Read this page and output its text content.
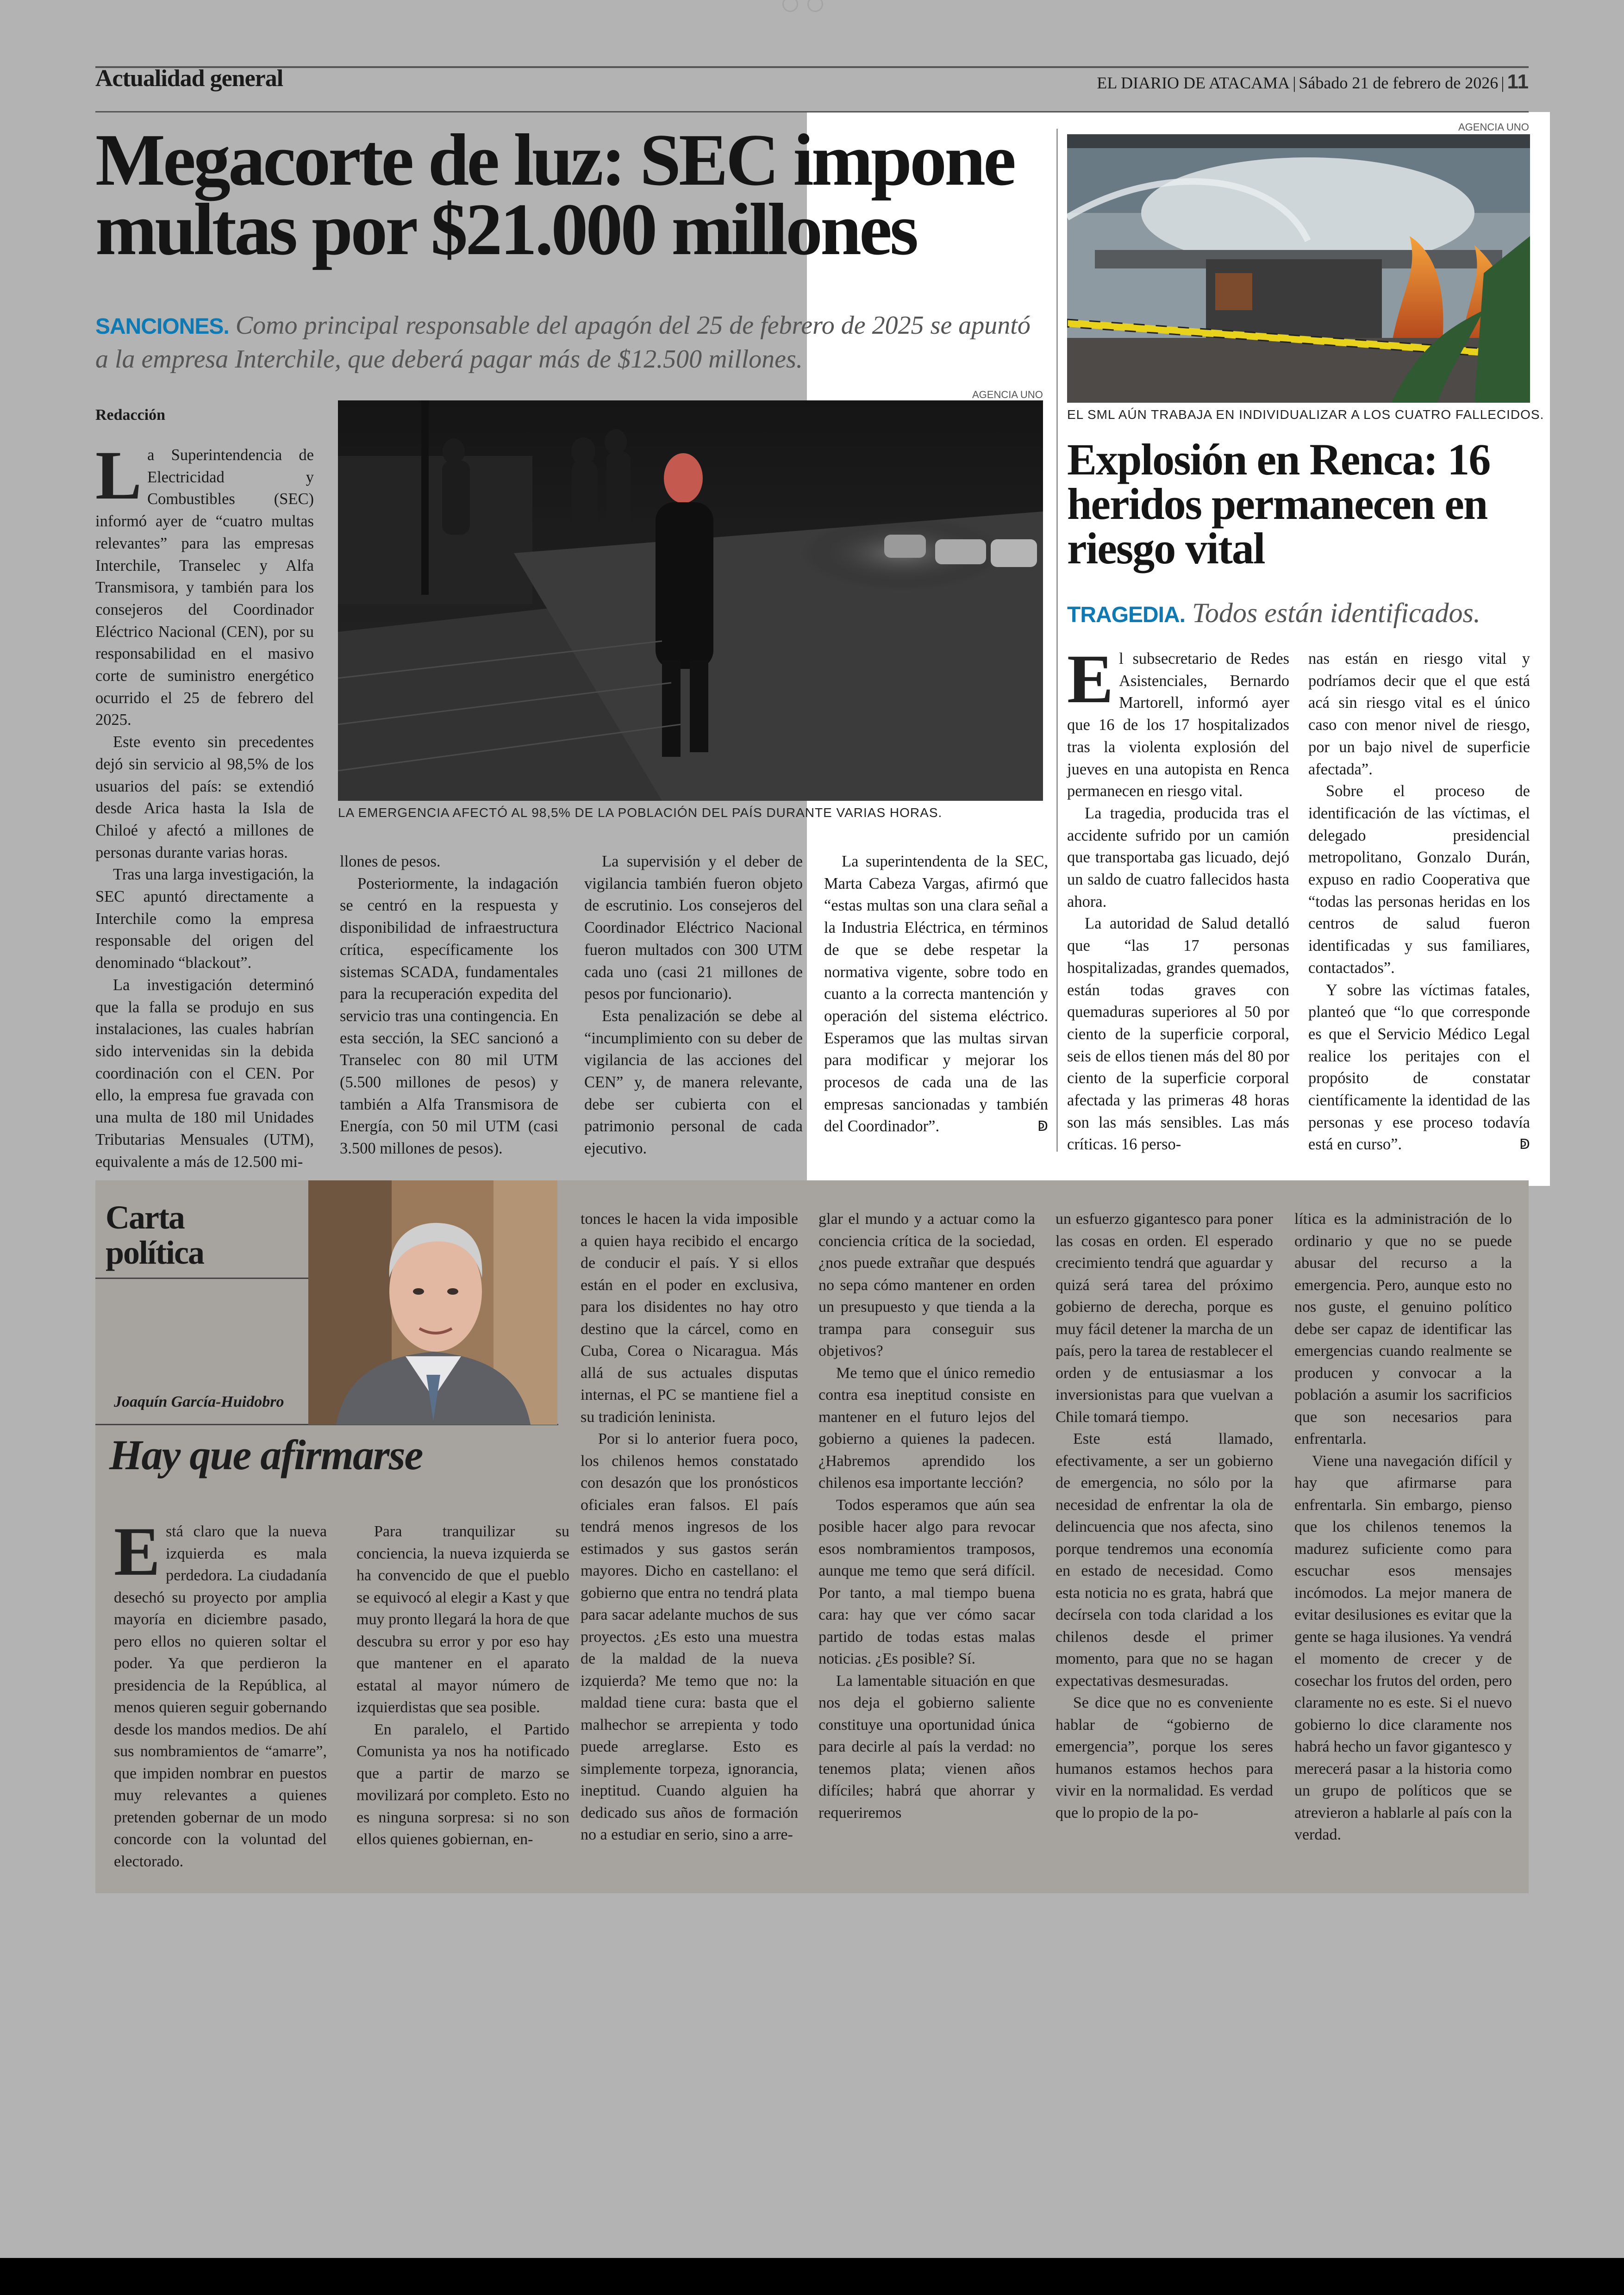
Actualidad general	EL DIARIO DE ATACAMA | Sábado 21 de febrero de 2026 | 11
Megacorte de luz: SEC impone multas por $21.000 millones
SANCIONES. Como principal responsable del apagón del 25 de febrero de 2025 se apuntó a la empresa Interchile, que deberá pagar más de $12.500 millones.
Redacción

La Superintendencia de Electricidad y Combustibles (SEC) informó ayer de “cuatro multas relevantes” para las empresas Interchile, Transelec y Alfa Transmisora, y también para los consejeros del Coordinador Eléctrico Nacional (CEN), por su responsabilidad en el masivo corte de suministro energético ocurrido el 25 de febrero del 2025.

Este evento sin precedentes dejó sin servicio al 98,5% de los usuarios del país: se extendió desde Arica hasta la Isla de Chiloé y afectó a millones de personas durante varias horas.

Tras una larga investigación, la SEC apuntó directamente a Interchile como la empresa responsable del origen del denominado “blackout”.

La investigación determinó que la falla se produjo en sus instalaciones, las cuales habrían sido intervenidas sin la debida coordinación con el CEN. Por ello, la empresa fue gravada con una multa de 180 mil Unidades Tributarias Mensuales (UTM), equivalente a más de 12.500 mi-

AGENCIA UNO
LA EMERGENCIA AFECTÓ AL 98,5% DE LA POBLACIÓN DEL PAÍS DURANTE VARIAS HORAS.

llones de pesos.

Posteriormente, la indagación se centró en la respuesta y disponibilidad de infraestructura crítica, específicamente los sistemas SCADA, fundamentales para la recuperación expedita del servicio tras una contingencia. En esta sección, la SEC sancionó a Transelec con 80 mil UTM (5.500 millones de pesos) y también a Alfa Transmisora de Energía, con 50 mil UTM (casi 3.500 millones de pesos).

La supervisión y el deber de vigilancia también fueron objeto de escrutinio. Los consejeros del Coordinador Eléctrico Nacional fueron multados con 300 UTM cada uno (casi 21 millones de pesos por funcionario).

Esta penalización se debe al “incumplimiento con su deber de vigilancia de las acciones del CEN” y, de manera relevante, debe ser cubierta con el patrimonio personal de cada ejecutivo.

La superintendenta de la SEC, Marta Cabeza Vargas, afirmó que “estas multas son una clara señal a la Industria Eléctrica, en términos de que se debe respetar la normativa vigente, sobre todo en cuanto a la correcta mantención y operación del sistema eléctrico. Esperamos que las multas sirvan para modificar y mejorar los procesos de cada una de las empresas sancionadas y también del Coordinador”.	ↁ

AGENCIA UNO
EL SML AÚN TRABAJA EN INDIVIDUALIZAR A LOS CUATRO FALLECIDOS.
Explosión en Renca: 16 heridos permanecen en riesgo vital
TRAGEDIA. Todos están identificados.

El subsecretario de Redes Asistenciales, Bernardo Martorell, informó ayer que 16 de los 17 hospitalizados tras la violenta explosión del jueves en una autopista en Renca permanecen en riesgo vital.

La tragedia, producida tras el accidente sufrido por un camión que transportaba gas licuado, dejó un saldo de cuatro fallecidos hasta ahora.

La autoridad de Salud detalló que “las 17 personas hospitalizadas, grandes quemados, están todas graves con quemaduras superiores al 50 por ciento de la superficie corporal, seis de ellos tienen más del 80 por ciento de la superficie corporal afectada y las primeras 48 horas son las más sensibles. Las más críticas. 16 perso-

nas están en riesgo vital y podríamos decir que el que está acá sin riesgo vital es el único caso con menor nivel de riesgo, por un bajo nivel de superficie afectada”.

Sobre el proceso de identificación de las víctimas, el delegado presidencial metropolitano, Gonzalo Durán, expuso en radio Cooperativa que “todas las personas heridas en los centros de salud fueron identificadas y sus familiares, contactados”.

Y sobre las víctimas fatales, planteó que “lo que corresponde es que el Servicio Médico Legal realice los peritajes con el propósito de constatar científicamente la identidad de las personas y ese proceso todavía está en curso”.	ↁ

Carta
política
Joaquín García-Huidobro
Hay que afirmarse

Está claro que la nueva izquierda es mala perdedora. La ciudadanía desechó su proyecto por amplia mayoría en diciembre pasado, pero ellos no quieren soltar el poder. Ya que perdieron la presidencia de la República, al menos quieren seguir gobernando desde los mandos medios. De ahí sus nombramientos de “amarre”, que impiden nombrar en puestos muy relevantes a quienes pretenden gobernar de un modo concorde con la voluntad del electorado.

Para tranquilizar su conciencia, la nueva izquierda se ha convencido de que el pueblo se equivocó al elegir a Kast y que muy pronto llegará la hora de que descubra su error y por eso hay que mantener en el aparato estatal al mayor número de izquierdistas que sea posible.

En paralelo, el Partido Comunista ya nos ha notificado que a partir de marzo se movilizará por completo. Esto no es ninguna sorpresa: si no son ellos quienes gobiernan, en-

tonces le hacen la vida imposible a quien haya recibido el encargo de conducir el país. Y si ellos están en el poder en exclusiva, para los disidentes no hay otro destino que la cárcel, como en Cuba, Corea o Nicaragua. Más allá de sus actuales disputas internas, el PC se mantiene fiel a su tradición leninista.

Por si lo anterior fuera poco, los chilenos hemos constatado con desazón que los pronósticos oficiales eran falsos. El país tendrá menos ingresos de los estimados y sus gastos serán mayores. Dicho en castellano: el gobierno que entra no tendrá plata para sacar adelante muchos de sus proyectos. ¿Es esto una muestra de la maldad de la nueva izquierda? Me temo que no: la maldad tiene cura: basta que el malhechor se arrepienta y todo puede arreglarse. Esto es simplemente torpeza, ignorancia, ineptitud. Cuando alguien ha dedicado sus años de formación no a estudiar en serio, sino a arre-

glar el mundo y a actuar como la conciencia crítica de la sociedad, ¿nos puede extrañar que después no sepa cómo mantener en orden un presupuesto y que tienda a la trampa para conseguir sus objetivos?

Me temo que el único remedio contra esa ineptitud consiste en mantener en el futuro lejos del gobierno a quienes la padecen. ¿Habremos aprendido los chilenos esa importante lección?

Todos esperamos que aún sea posible hacer algo para revocar esos nombramientos tramposos, aunque me temo que será difícil. Por tanto, a mal tiempo buena cara: hay que ver cómo sacar partido de todas estas malas noticias. ¿Es posible? Sí.

La lamentable situación en que nos deja el gobierno saliente constituye una oportunidad única para decirle al país la verdad: no tenemos plata; vienen años difíciles; habrá que ahorrar y requeriremos

un esfuerzo gigantesco para poner las cosas en orden. El esperado crecimiento tendrá que aguardar y quizá será tarea del próximo gobierno de derecha, porque es muy fácil detener la marcha de un país, pero la tarea de restablecer el orden y de entusiasmar a los inversionistas para que vuelvan a Chile tomará tiempo.

Este está llamado, efectivamente, a ser un gobierno de emergencia, no sólo por la necesidad de enfrentar la ola de delincuencia que nos afecta, sino porque tendremos una economía en estado de necesidad. Como esta noticia no es grata, habrá que decírsela con toda claridad a los chilenos desde el primer momento, para que no se hagan expectativas desmesuradas.

Se dice que no es conveniente hablar de “gobierno de emergencia”, porque los seres humanos estamos hechos para vivir en la normalidad. Es verdad que lo propio de la po-

lítica es la administración de lo ordinario y que no se puede abusar del recurso a la emergencia. Pero, aunque esto no nos guste, el genuino político debe ser capaz de identificar las emergencias cuando realmente se producen y convocar a la población a asumir los sacrificios que son necesarios para enfrentarla.

Viene una navegación difícil y hay que afirmarse para enfrentarla. Sin embargo, pienso que los chilenos tenemos la madurez suficiente como para escuchar esos mensajes incómodos. La mejor manera de evitar desilusiones es evitar que la gente se haga ilusiones. Ya vendrá el momento de crecer y de cosechar los frutos del orden, pero claramente no es este. Si el nuevo gobierno lo dice claramente nos habrá hecho un favor gigantesco y merecerá pasar a la historia como un grupo de políticos que se atrevieron a hablarle al país con la verdad.
